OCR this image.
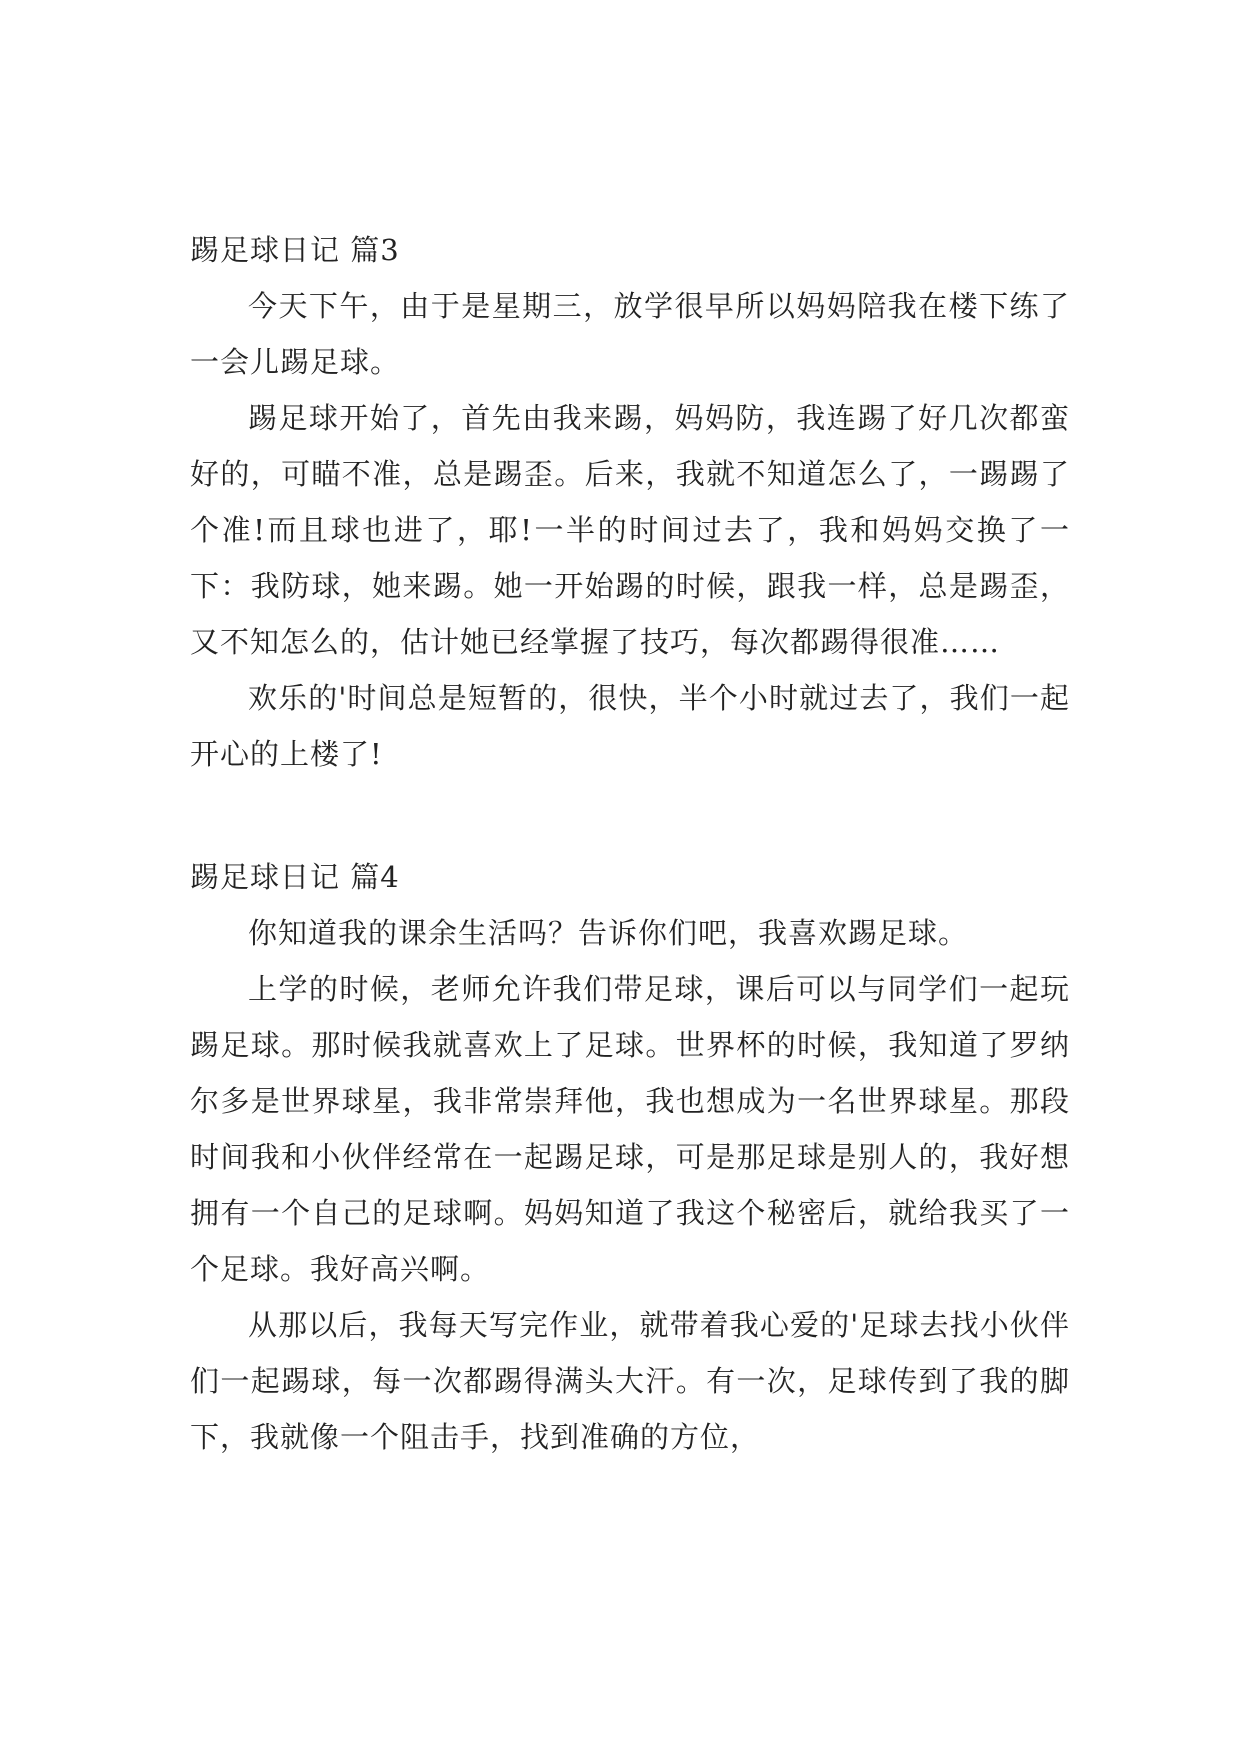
踢足球日记 篇3

今天下午，由于是星期三，放学很早所以妈妈陪我在楼下练了一会儿踢足球。

踢足球开始了，首先由我来踢，妈妈防，我连踢了好几次都蛮好的，可瞄不准，总是踢歪。后来，我就不知道怎么了，一踢踢了个准!而且球也进了，耶!一半的时间过去了，我和妈妈交换了一下：我防球，她来踢。她一开始踢的时候，跟我一样，总是踢歪，又不知怎么的，估计她已经掌握了技巧，每次都踢得很准……

欢乐的'时间总是短暂的，很快，半个小时就过去了，我们一起开心的上楼了!

踢足球日记 篇4

你知道我的课余生活吗？告诉你们吧，我喜欢踢足球。

上学的时候，老师允许我们带足球，课后可以与同学们一起玩踢足球。那时候我就喜欢上了足球。世界杯的时候，我知道了罗纳尔多是世界球星，我非常崇拜他，我也想成为一名世界球星。那段时间我和小伙伴经常在一起踢足球，可是那足球是别人的，我好想拥有一个自己的足球啊。妈妈知道了我这个秘密后，就给我买了一个足球。我好高兴啊。

从那以后，我每天写完作业，就带着我心爱的'足球去找小伙伴们一起踢球，每一次都踢得满头大汗。有一次，足球传到了我的脚下，我就像一个阻击手，找到准确的方位，
